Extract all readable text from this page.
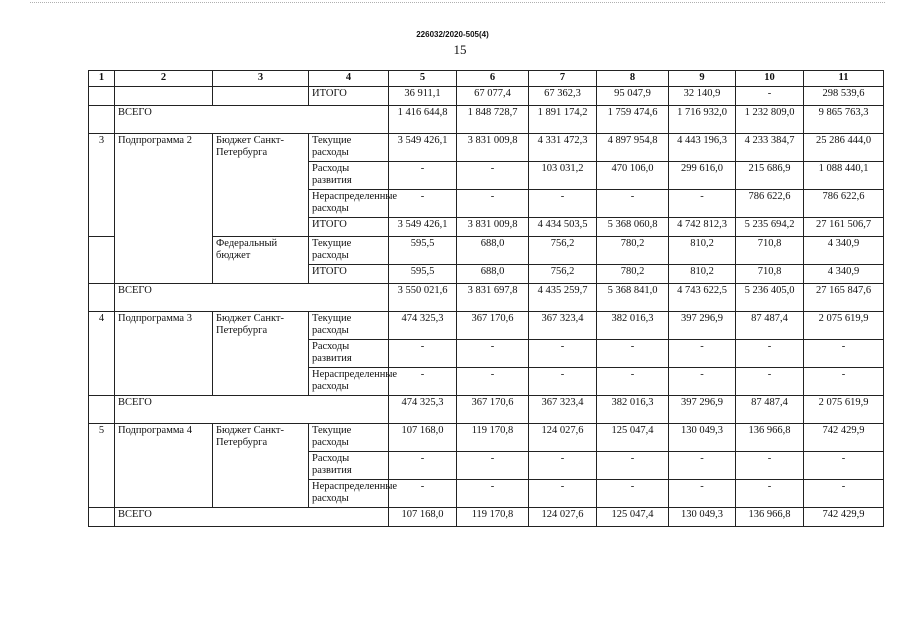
226032/2020-505(4)
15
1	2	3	4	5	6	7	8	9	10	11
			ИТОГО	36 911,1	67 077,4	67 362,3	95 047,9	32 140,9	-	298 539,6
	ВСЕГО			1 416 644,8	1 848 728,7	1 891 174,2	1 759 474,6	1 716 932,0	1 232 809,0	9 865 763,3
3	Подпрограмма 2	Бюджет Санкт-Петербурга	Текущие расходы	3 549 426,1	3 831 009,8	4 331 472,3	4 897 954,8	4 443 196,3	4 233 384,7	25 286 444,0
			Расходы развития	-	-	103 031,2	470 106,0	299 616,0	215 686,9	1 088 440,1
			Нераспределенные расходы	-	-	-	-	-	786 622,6	786 622,6
			ИТОГО	3 549 426,1	3 831 009,8	4 434 503,5	5 368 060,8	4 742 812,3	5 235 694,2	27 161 506,7
		Федеральный бюджет	Текущие расходы	595,5	688,0	756,2	780,2	810,2	710,8	4 340,9
			ИТОГО	595,5	688,0	756,2	780,2	810,2	710,8	4 340,9
	ВСЕГО			3 550 021,6	3 831 697,8	4 435 259,7	5 368 841,0	4 743 622,5	5 236 405,0	27 165 847,6
4	Подпрограмма 3	Бюджет Санкт-Петербурга	Текущие расходы	474 325,3	367 170,6	367 323,4	382 016,3	397 296,9	87 487,4	2 075 619,9
			Расходы развития	-	-	-	-	-	-	-
			Нераспределенные расходы	-	-	-	-	-	-	-
	ВСЕГО			474 325,3	367 170,6	367 323,4	382 016,3	397 296,9	87 487,4	2 075 619,9
5	Подпрограмма 4	Бюджет Санкт-Петербурга	Текущие расходы	107 168,0	119 170,8	124 027,6	125 047,4	130 049,3	136 966,8	742 429,9
			Расходы развития	-	-	-	-	-	-	-
			Нераспределенные расходы	-	-	-	-	-	-	-
	ВСЕГО			107 168,0	119 170,8	124 027,6	125 047,4	130 049,3	136 966,8	742 429,9
